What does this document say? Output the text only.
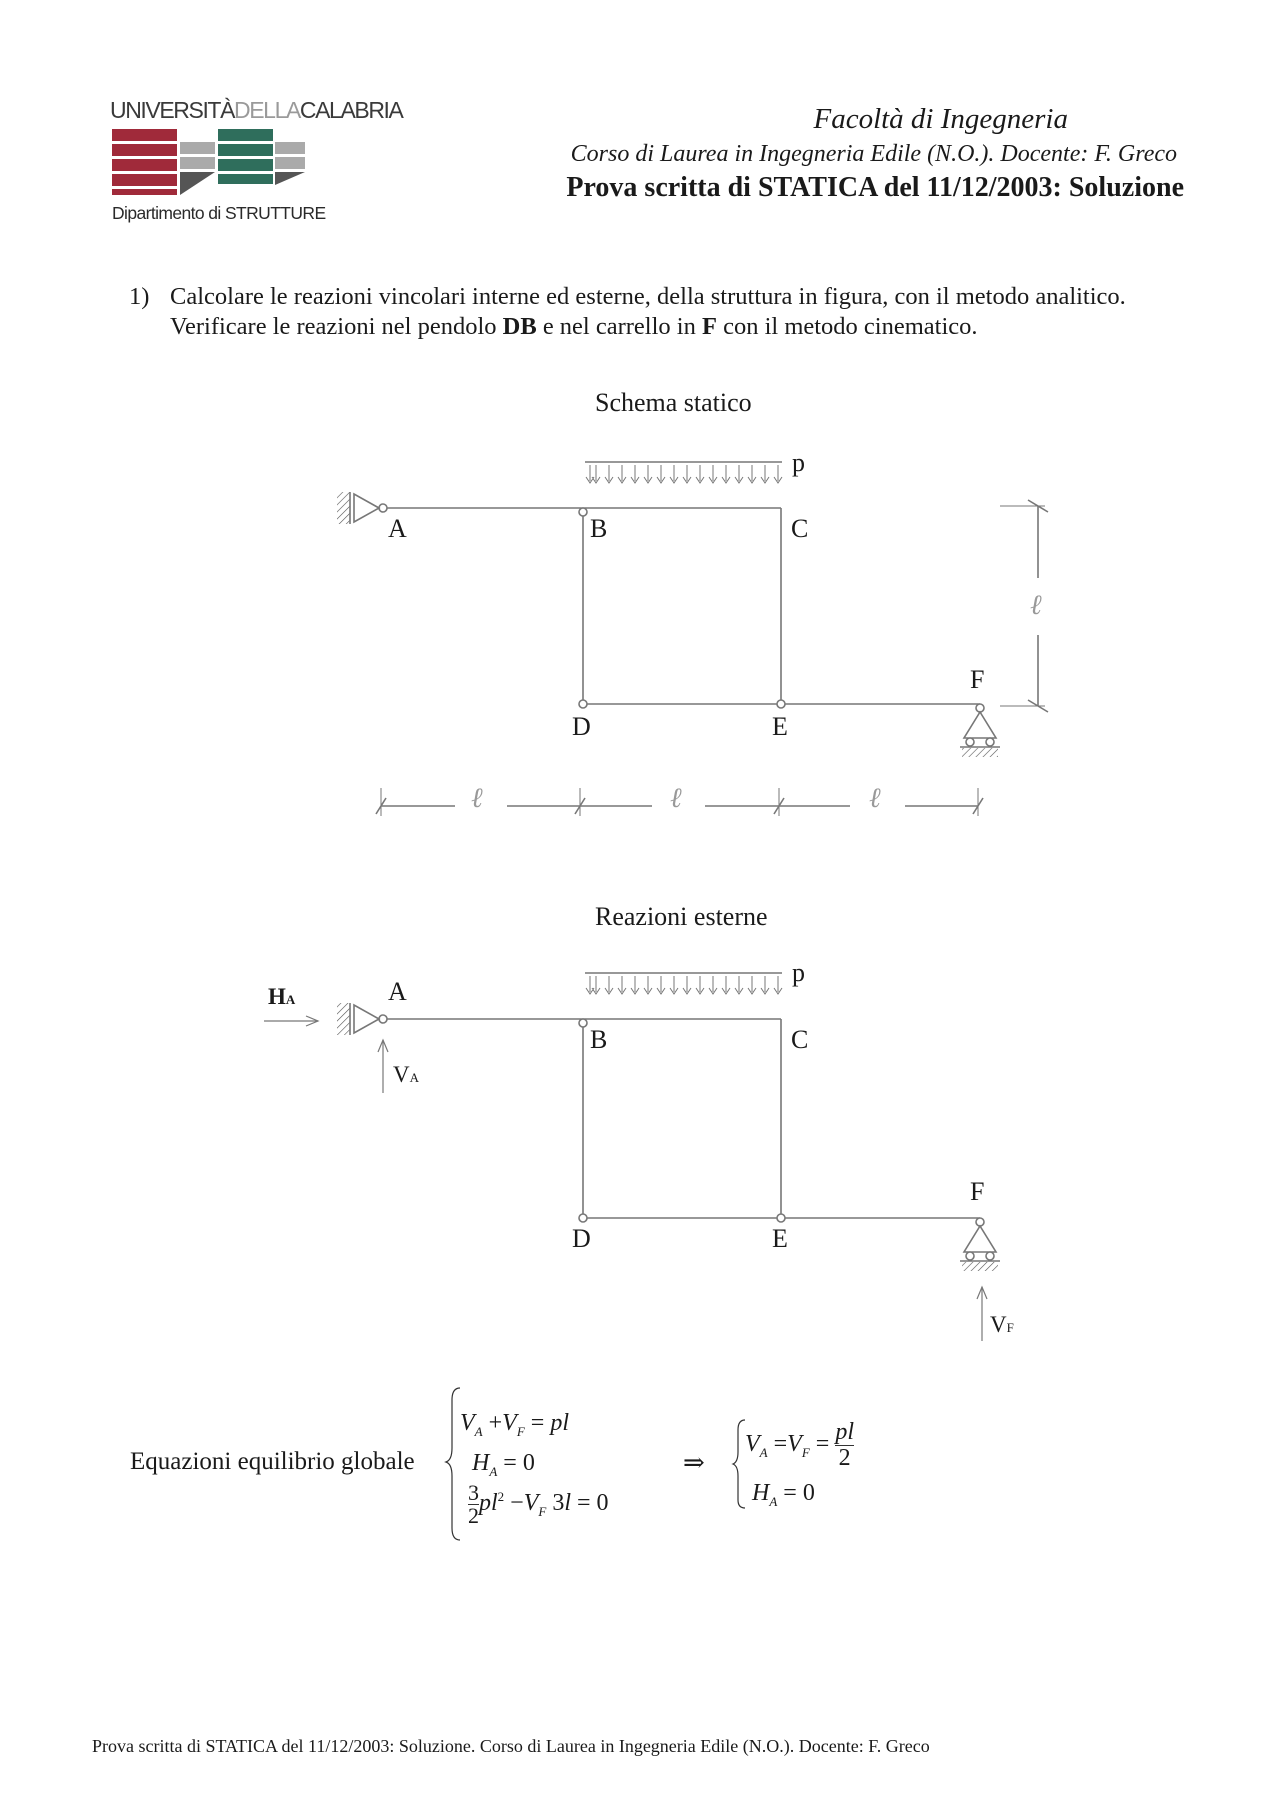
UNIVERSITÀDELLACALABRIA
Dipartimento di STRUTTURE
Facoltà di Ingegneria
Corso di Laurea in Ingegneria Edile (N.O.). Docente: F. Greco
Prova scritta di STATICA del 11/12/2003: Soluzione
1) Calcolare le reazioni vincolari interne ed esterne, della struttura in figura, con il metodo analitico.
Verificare le reazioni nel pendolo DB e nel carrello in F con il metodo cinematico.
Schema statico
p
A	B	C
F
D	E
ℓ
ℓ	ℓ	ℓ
Reazioni esterne
p
A
B	C
F
D	E
HA
VA
VF
Equazioni equilibrio globale
$V_A +V_F$ = pl
$H_A = 0$
$\frac{3}{2} pl^2 -V_F$ 3l = 0
⇒
$V_A =V_F = \frac{pl}{2}$
$H_A = 0$
Prova scritta di STATICA del 11/12/2003: Soluzione. Corso di Laurea in Ingegneria Edile (N.O.). Docente: F. Greco
